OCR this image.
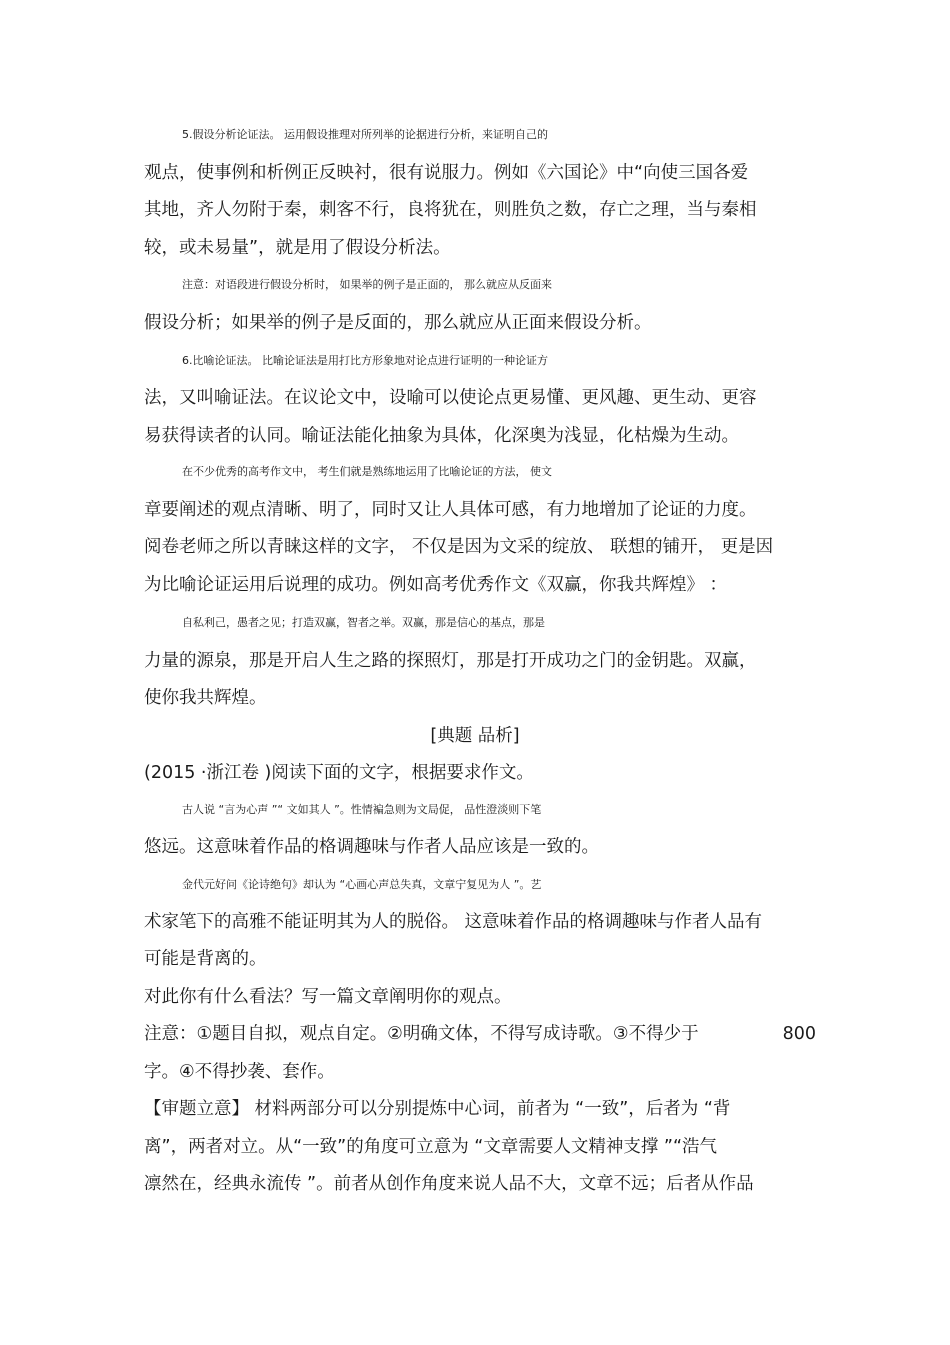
5.假设分析论证法。 运用假设推理对所列举的论据进行分析，来证明自己的
观点，使事例和析例正反映衬，很有说服力。例如《六国论》中“向使三国各爱
其地，齐人勿附于秦，刺客不行，良将犹在，则胜负之数，存亡之理，当与秦相
较，或未易量”，就是用了假设分析法。
注意：对语段进行假设分析时， 如果举的例子是正面的， 那么就应从反面来
假设分析；如果举的例子是反面的，那么就应从正面来假设分析。
6.比喻论证法。 比喻论证法是用打比方形象地对论点进行证明的一种论证方
法，又叫喻证法。在议论文中，设喻可以使论点更易懂、更风趣、更生动、更容
易获得读者的认同。喻证法能化抽象为具体，化深奥为浅显，化枯燥为生动。
在不少优秀的高考作文中， 考生们就是熟练地运用了比喻论证的方法， 使文
章要阐述的观点清晰、明了，同时又让人具体可感，有力地增加了论证的力度。
阅卷老师之所以青睐这样的文字， 不仅是因为文采的绽放、 联想的铺开， 更是因
为比喻论证运用后说理的成功。例如高考优秀作文《双赢，你我共辉煌》 ：
自私利己，愚者之见；打造双赢，智者之举。双赢，那是信心的基点，那是
力量的源泉，那是开启人生之路的探照灯，那是打开成功之门的金钥匙。双赢，
使你我共辉煌。
[典题 品析]
(2015 ·浙江卷 )阅读下面的文字，根据要求作文。
古人说 “言为心声 ”“ 文如其人 ”。性情褊急则为文局促， 品性澄淡则下笔
悠远。这意味着作品的格调趣味与作者人品应该是一致的。
金代元好问《论诗绝句》却认为 “心画心声总失真，文章宁复见为人 ”。艺
术家笔下的高雅不能证明其为人的脱俗。 这意味着作品的格调趣味与作者人品有
可能是背离的。
对此你有什么看法？写一篇文章阐明你的观点。
注意：①题目自拟，观点自定。②明确文体，不得写成诗歌。③不得少于	800
字。④不得抄袭、套作。
【审题立意】 材料两部分可以分别提炼中心词，前者为 “一致”，后者为 “背
离”，两者对立。从“一致”的角度可立意为 “文章需要人文精神支撑 ”“浩气
凛然在，经典永流传 ”。前者从创作角度来说人品不大，文章不远；后者从作品
